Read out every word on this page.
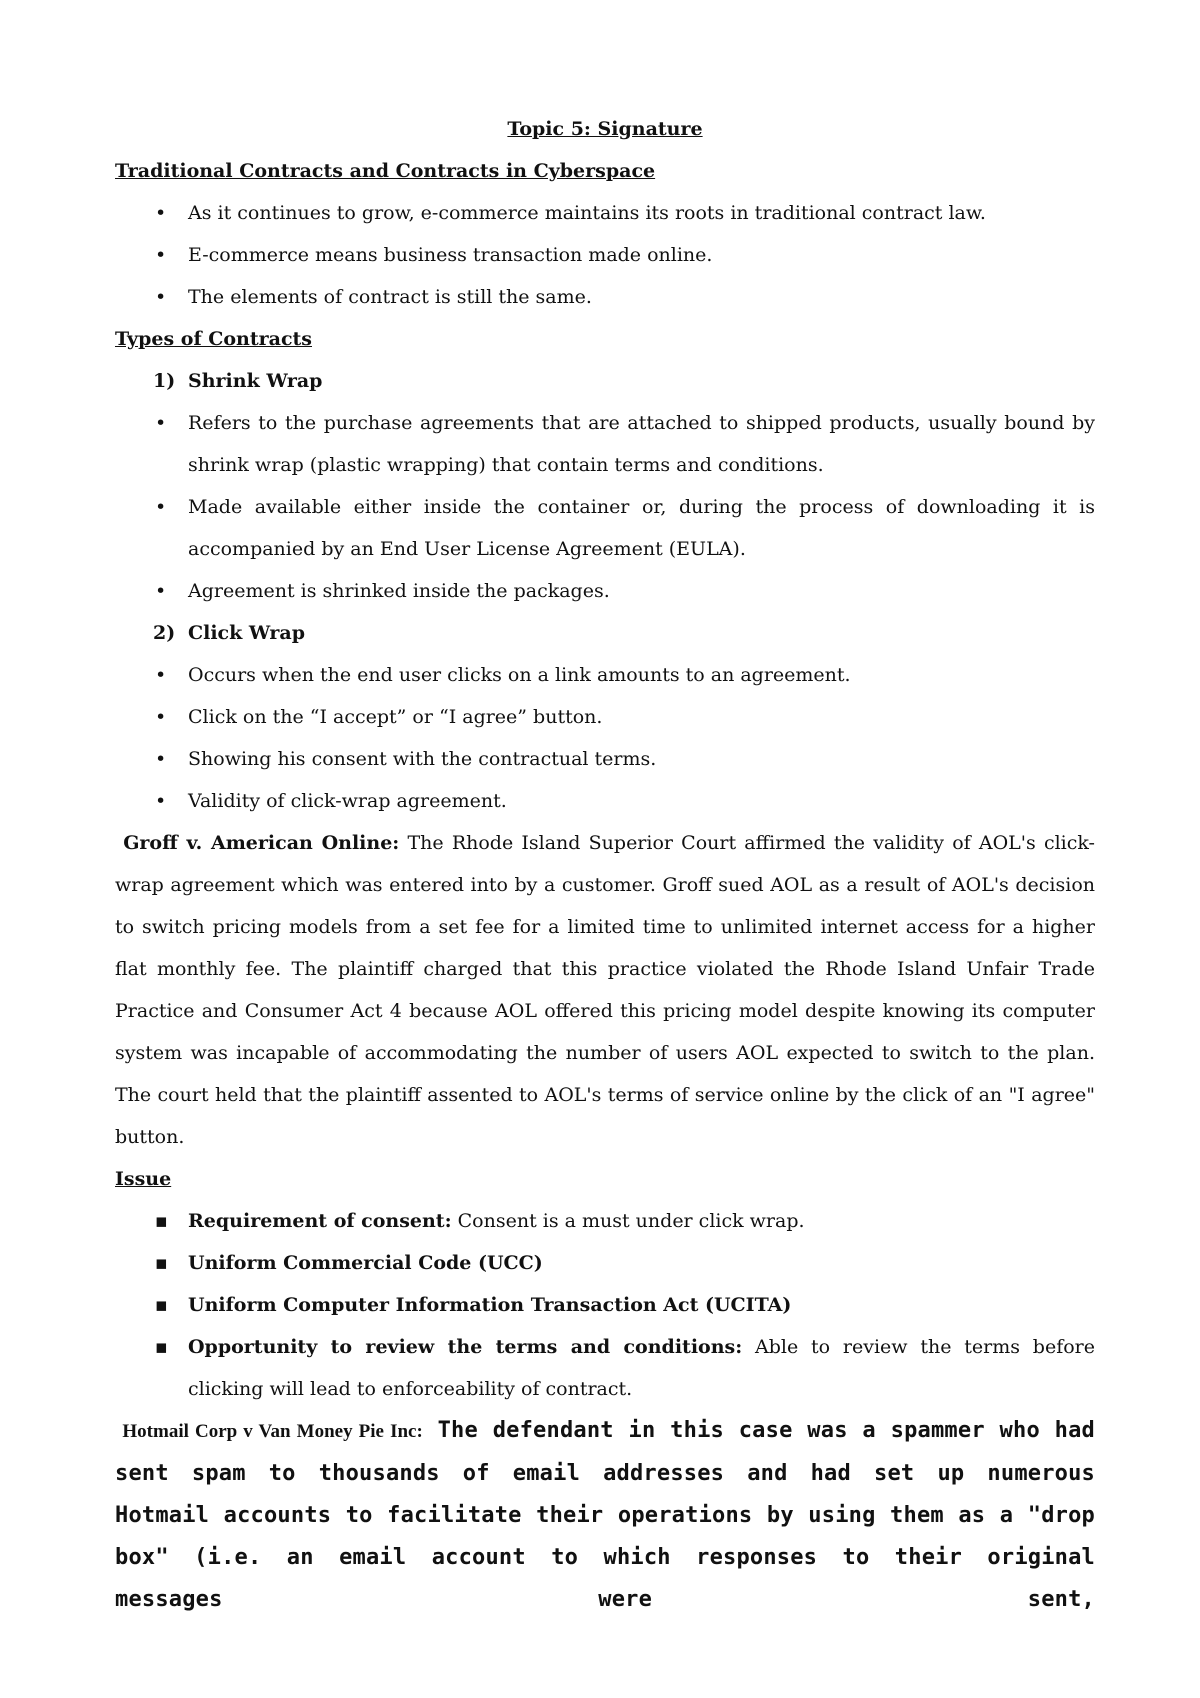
Topic 5: Signature
Traditional Contracts and Contracts in Cyberspace
•	As it continues to grow, e-commerce maintains its roots in traditional contract law.
•	E-commerce means business transaction made online.
•	The elements of contract is still the same.
Types of Contracts
1) Shrink Wrap
•	Refers to the purchase agreements that are attached to shipped products, usually bound by shrink wrap (plastic wrapping) that contain terms and conditions.
•	Made available either inside the container or, during the process of downloading it is accompanied by an End User License Agreement (EULA).
•	Agreement is shrinked inside the packages.
2) Click Wrap
•	Occurs when the end user clicks on a link amounts to an agreement.
•	Click on the “I accept” or “I agree” button.
•	Showing his consent with the contractual terms.
•	Validity of click-wrap agreement.
Groff v. American Online: The Rhode Island Superior Court affirmed the validity of AOL's click-wrap agreement which was entered into by a customer. Groff sued AOL as a result of AOL's decision to switch pricing models from a set fee for a limited time to unlimited internet access for a higher flat monthly fee. The plaintiff charged that this practice violated the Rhode Island Unfair Trade Practice and Consumer Act 4 because AOL offered this pricing model despite knowing its computer system was incapable of accommodating the number of users AOL expected to switch to the plan. The court held that the plaintiff assented to AOL's terms of service online by the click of an "I agree" button.
Issue
▪	Requirement of consent: Consent is a must under click wrap.
▪	Uniform Commercial Code (UCC)
▪	Uniform Computer Information Transaction Act (UCITA)
▪	Opportunity to review the terms and conditions: Able to review the terms before clicking will lead to enforceability of contract.
Hotmail Corp v Van Money Pie Inc: The defendant in this case was a spammer who had sent spam to thousands of email addresses and had set up numerous Hotmail accounts to facilitate their operations by using them as a "drop box" (i.e. an email account to which responses to their original messages were sent,
